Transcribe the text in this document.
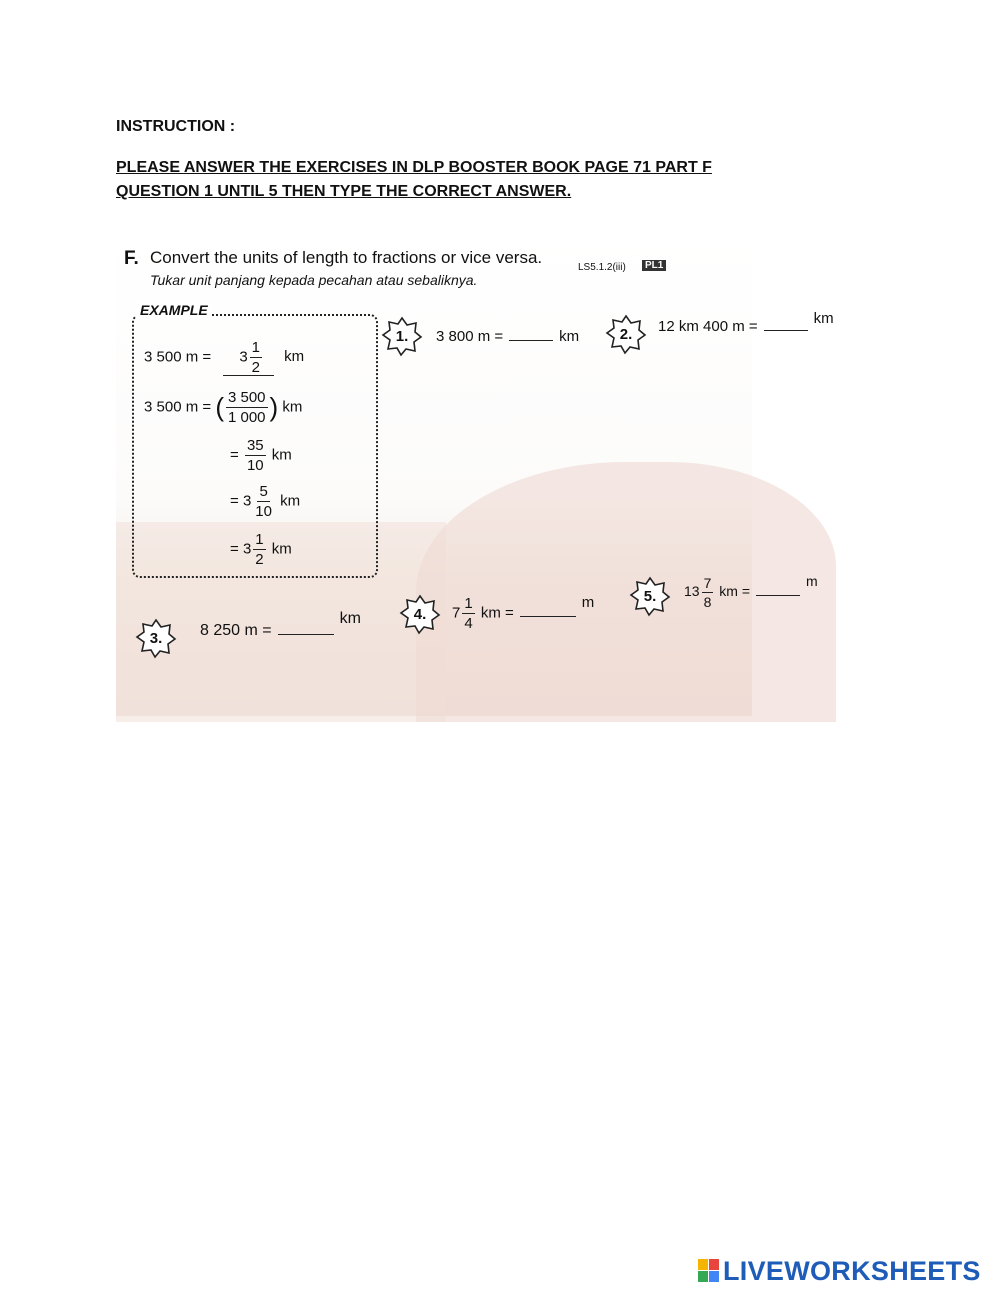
INSTRUCTION :
PLEASE ANSWER THE EXERCISES IN DLP BOOSTER BOOK PAGE 71 PART F
QUESTION 1 UNTIL 5 THEN TYPE THE CORRECT ANSWER.
F. Convert the units of length to fractions or vice versa.
Tukar unit panjang kepada pecahan atau sebaliknya.
LS5.1.2(iii)	PL1
EXAMPLE
3 500 $m = 3 \frac{1}{2}$ km
3 500 m = ( $\frac{3 500}{1 000}$ ) km
= $\frac{35}{10}$ km
= $3 \frac{5}{10}$ km
= $3 \frac{1}{2}$ km
1.	3 800 m =	km	2.	12 km 400 m =	km
3.	8 250 m =km	4.	$7 \frac{1}{4}$ km =m	5.	$13 \frac{7}{8}$ km =m
LIVEWORKSHEETS
